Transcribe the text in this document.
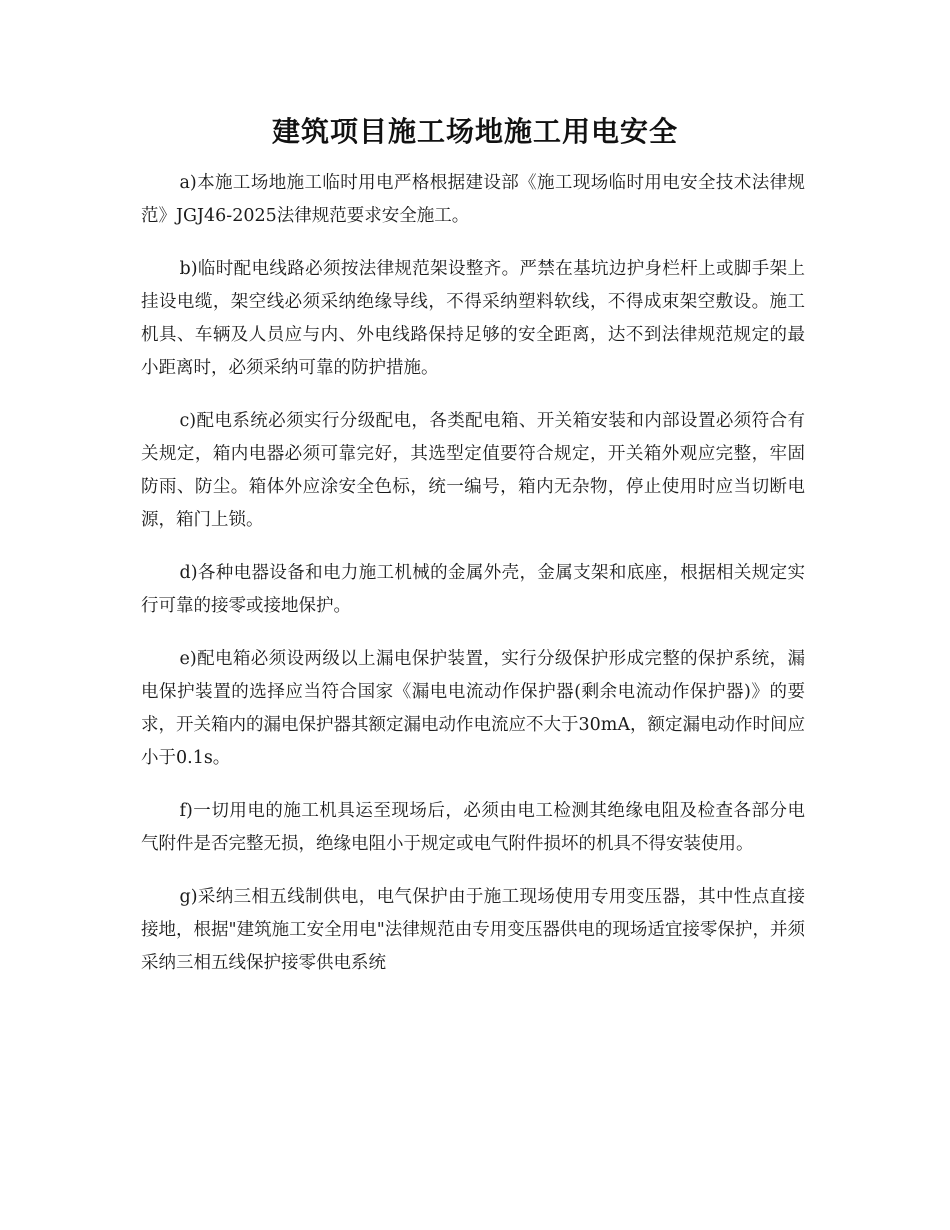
建筑项目施工场地施工用电安全

a)本施工场地施工临时用电严格根据建设部《施工现场临时用电安全技术法律规范》JGJ46-2025法律规范要求安全施工。

b)临时配电线路必须按法律规范架设整齐。严禁在基坑边护身栏杆上或脚手架上挂设电缆，架空线必须采纳绝缘导线，不得采纳塑料软线，不得成束架空敷设。施工机具、车辆及人员应与内、外电线路保持足够的安全距离，达不到法律规范规定的最小距离时，必须采纳可靠的防护措施。

c)配电系统必须实行分级配电，各类配电箱、开关箱安装和内部设置必须符合有关规定，箱内电器必须可靠完好，其选型定值要符合规定，开关箱外观应完整，牢固防雨、防尘。箱体外应涂安全色标，统一编号，箱内无杂物，停止使用时应当切断电源，箱门上锁。

d)各种电器设备和电力施工机械的金属外壳，金属支架和底座，根据相关规定实行可靠的接零或接地保护。

e)配电箱必须设两级以上漏电保护装置，实行分级保护形成完整的保护系统，漏电保护装置的选择应当符合国家《漏电电流动作保护器(剩余电流动作保护器)》的要求，开关箱内的漏电保护器其额定漏电动作电流应不大于30mA，额定漏电动作时间应小于0.1s。

f)一切用电的施工机具运至现场后，必须由电工检测其绝缘电阻及检查各部分电气附件是否完整无损，绝缘电阻小于规定或电气附件损坏的机具不得安装使用。

g)采纳三相五线制供电，电气保护由于施工现场使用专用变压器，其中性点直接接地，根据"建筑施工安全用电"法律规范由专用变压器供电的现场适宜接零保护，并须采纳三相五线保护接零供电系统
